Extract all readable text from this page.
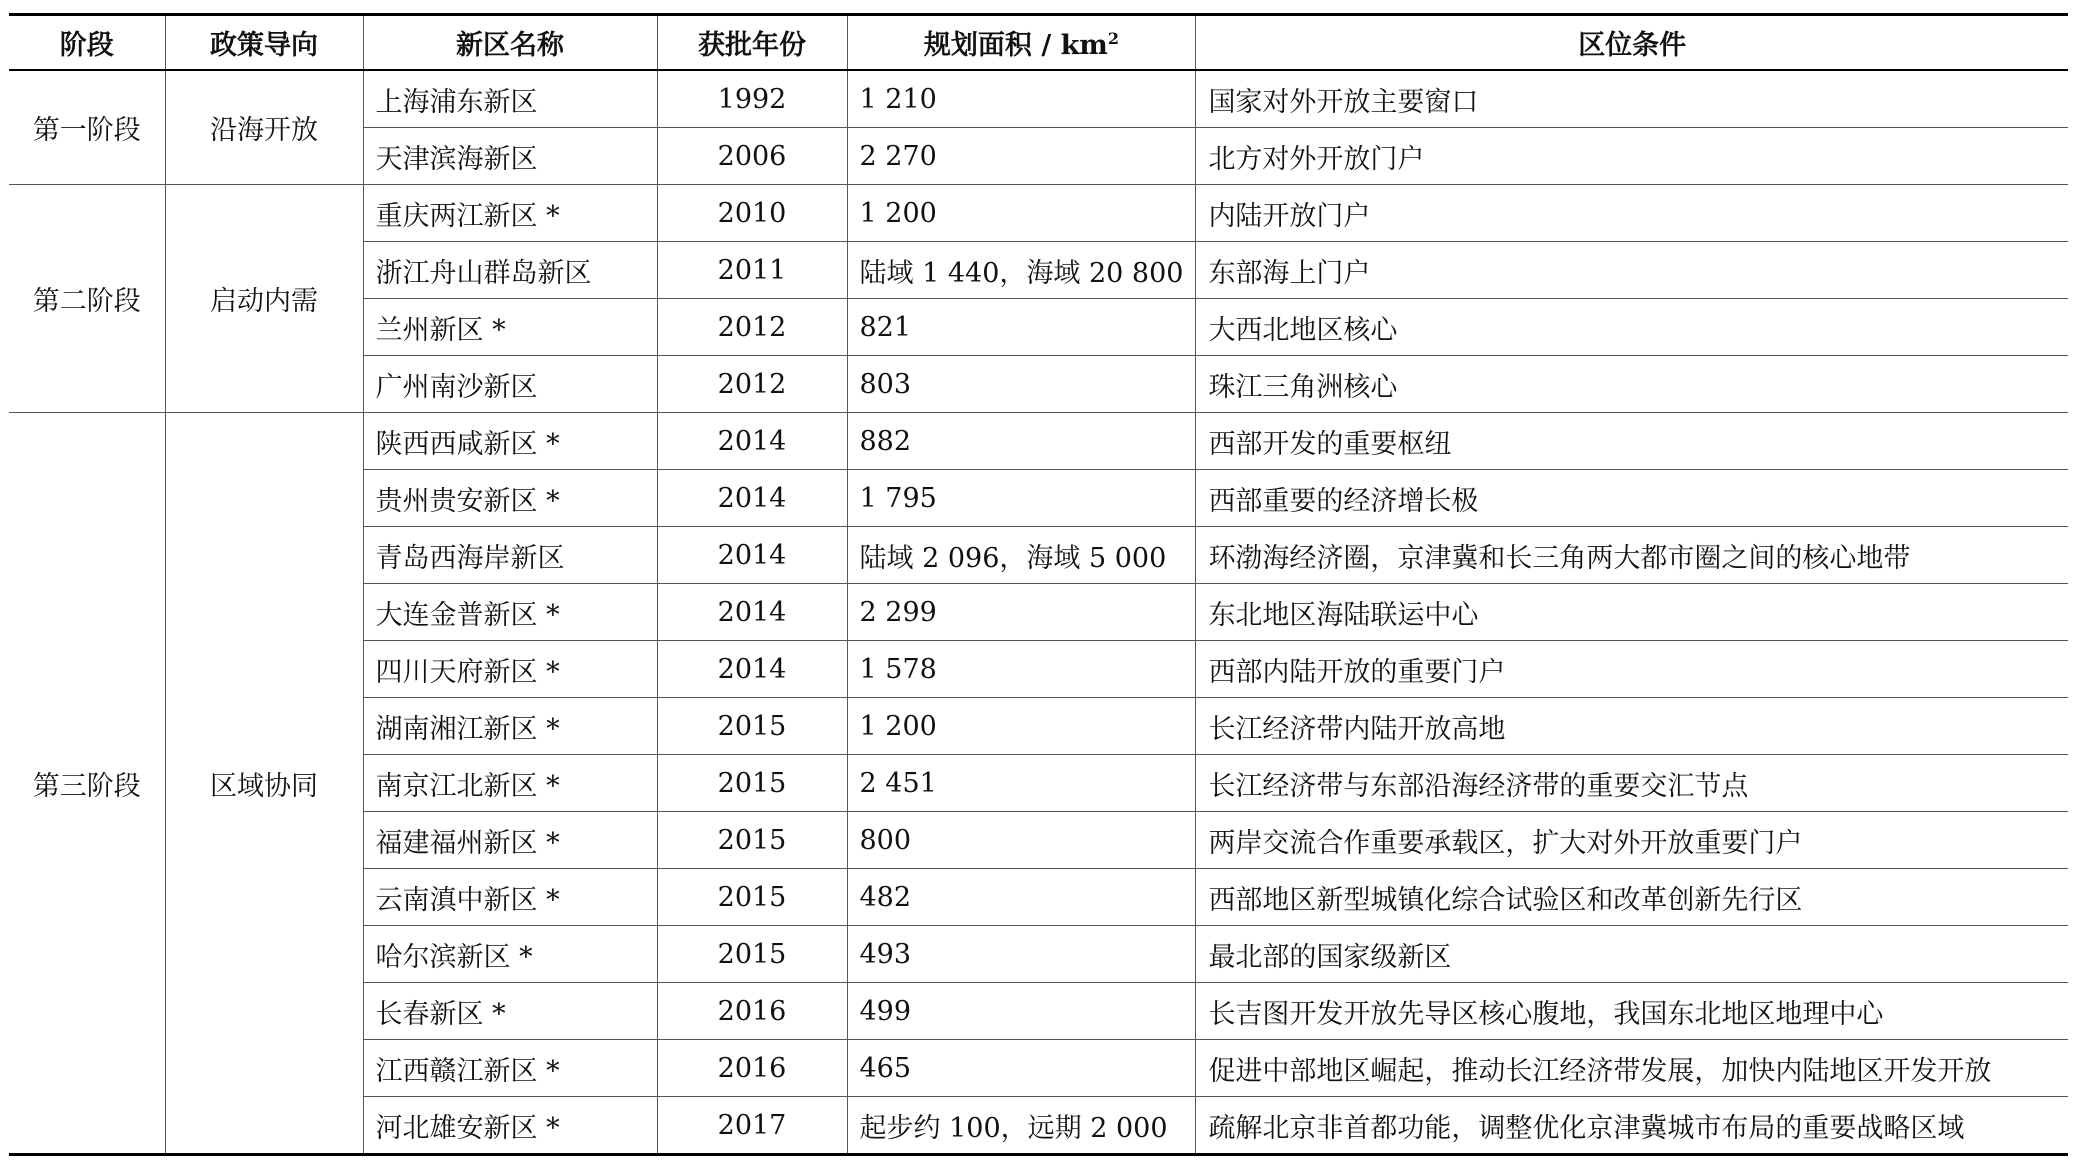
阶段	政策导向	新区名称	获批年份	规划面积 / $km^2$	区位条件
第一阶段	沿海开放	上海浦东新区	1992	1 210	国家对外开放主要窗口
		天津滨海新区	2006	2 270	北方对外开放门户
第二阶段	启动内需	重庆两江新区 *	2010	1 200	内陆开放门户
		浙江舟山群岛新区	2011	陆域 1 440，海域 20 800	东部海上门户
		兰州新区 *	2012	821	大西北地区核心
		广州南沙新区	2012	803	珠江三角洲核心
第三阶段	区域协同	陕西西咸新区 *	2014	882	西部开发的重要枢纽
		贵州贵安新区 *	2014	1 795	西部重要的经济增长极
		青岛西海岸新区	2014	陆域 2 096，海域 5 000	环渤海经济圈，京津冀和长三角两大都市圈之间的核心地带
		大连金普新区 *	2014	2 299	东北地区海陆联运中心
		四川天府新区 *	2014	1 578	西部内陆开放的重要门户
		湖南湘江新区 *	2015	1 200	长江经济带内陆开放高地
		南京江北新区 *	2015	2 451	长江经济带与东部沿海经济带的重要交汇节点
		福建福州新区 *	2015	800	两岸交流合作重要承载区，扩大对外开放重要门户
		云南滇中新区 *	2015	482	西部地区新型城镇化综合试验区和改革创新先行区
		哈尔滨新区 *	2015	493	最北部的国家级新区
		长春新区 *	2016	499	长吉图开发开放先导区核心腹地，我国东北地区地理中心
		江西赣江新区 *	2016	465	促进中部地区崛起，推动长江经济带发展，加快内陆地区开发开放
		河北雄安新区 *	2017	起步约 100，远期 2 000	疏解北京非首都功能，调整优化京津冀城市布局的重要战略区域
